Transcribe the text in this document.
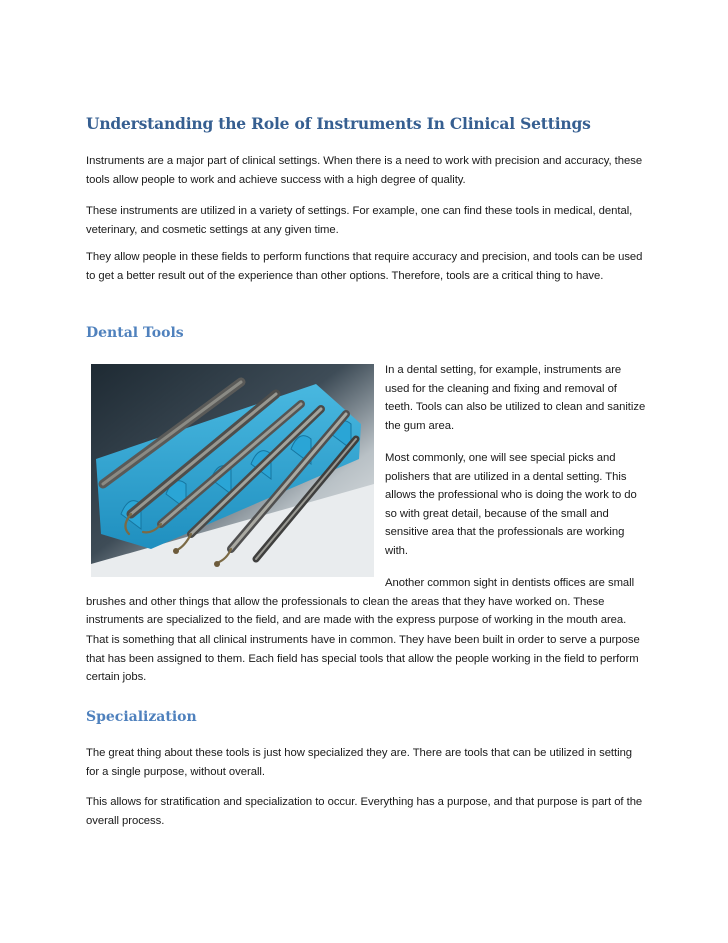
Understanding the Role of Instruments In Clinical Settings

Instruments are a major part of clinical settings. When there is a need to work with precision and accuracy, these tools allow people to work and achieve success with a high degree of quality.

These instruments are utilized in a variety of settings. For example, one can find these tools in medical, dental, veterinary, and cosmetic settings at any given time.

They allow people in these fields to perform functions that require accuracy and precision, and tools can be used to get a better result out of the experience than other options. Therefore, tools are a critical thing to have.

Dental Tools

In a dental setting, for example, instruments are used for the cleaning and fixing and removal of teeth. Tools can also be utilized to clean and sanitize the gum area.

Most commonly, one will see special picks and polishers that are utilized in a dental setting. This allows the professional who is doing the work to do so with great detail, because of the small and sensitive area that the professionals are working with.

Another common sight in dentists offices are small brushes and other things that allow the professionals to clean the areas that they have worked on. These instruments are specialized to the field, and are made with the express purpose of working in the mouth area.

That is something that all clinical instruments have in common. They have been built in order to serve a purpose that has been assigned to them. Each field has special tools that allow the people working in the field to perform certain jobs.

Specialization

The great thing about these tools is just how specialized they are. There are tools that can be utilized in setting for a single purpose, without overall.

This allows for stratification and specialization to occur. Everything has a purpose, and that purpose is part of the overall process.
